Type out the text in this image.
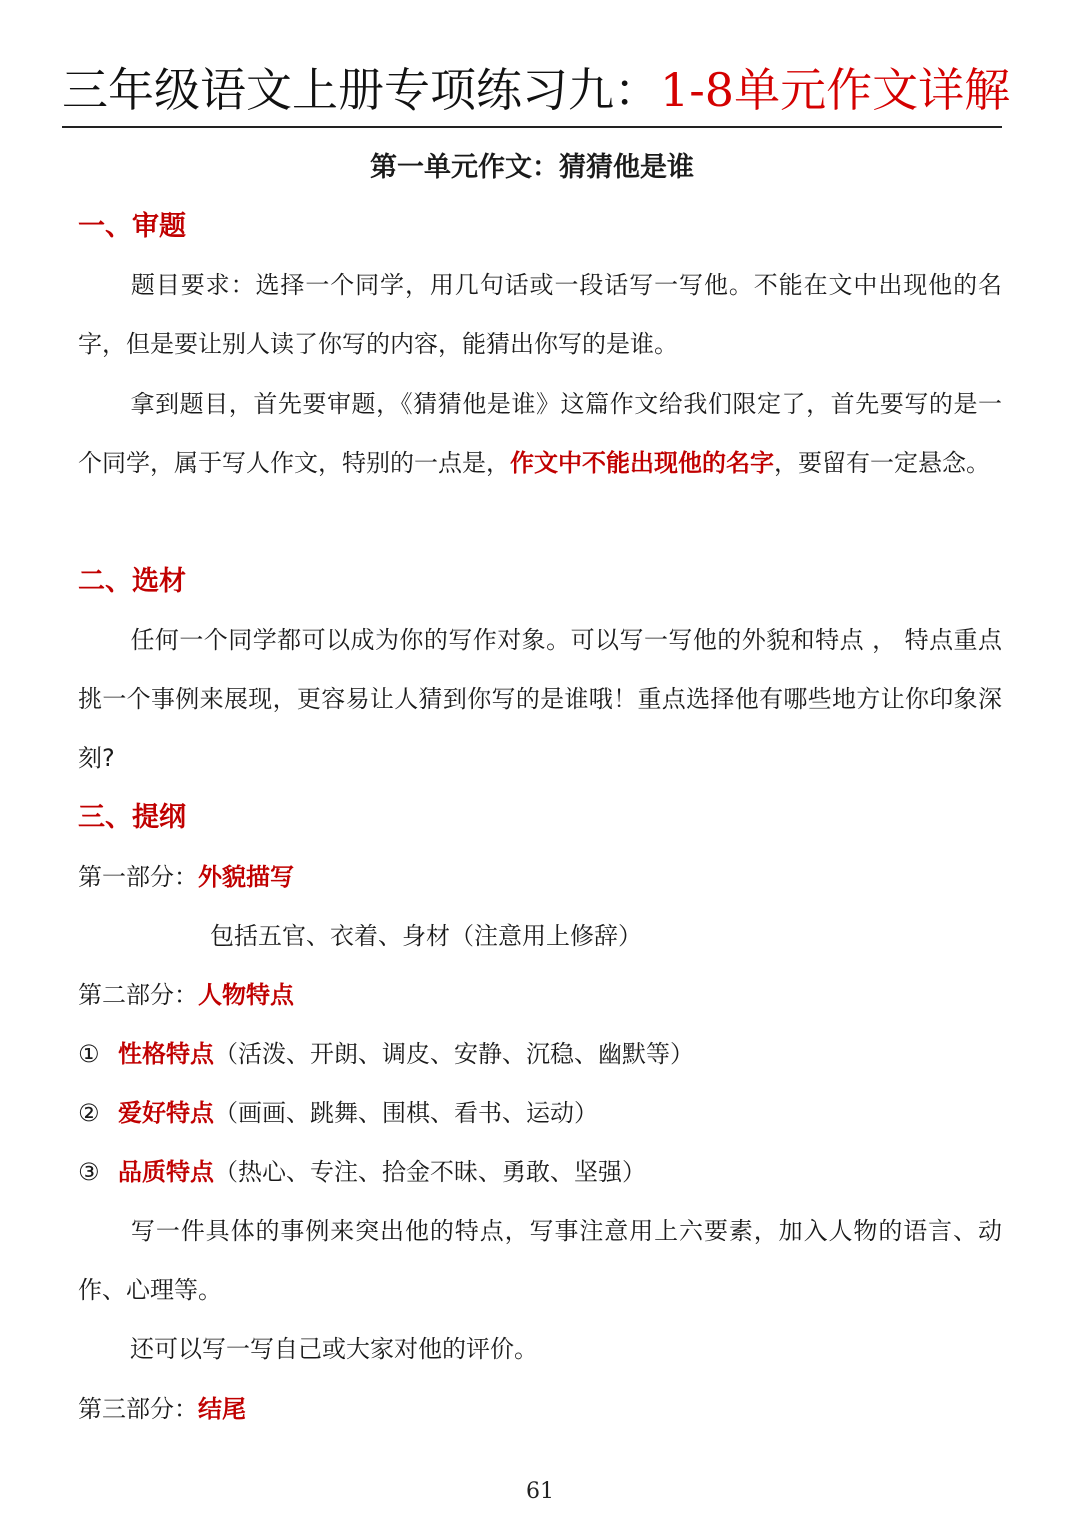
三年级语文上册专项练习九：1-8单元作文详解
第一单元作文：猜猜他是谁
一、审题
题目要求：选择一个同学，用几句话或一段话写一写他。不能在文中出现他的名字，但是要让别人读了你写的内容，能猜出你写的是谁。
拿到题目，首先要审题，《猜猜他是谁》这篇作文给我们限定了，首先要写的是一个同学，属于写人作文，特别的一点是，作文中不能出现他的名字，要留有一定悬念。
二、选材
任何一个同学都可以成为你的写作对象。可以写一写他的外貌和特点 ， 特点重点挑一个事例来展现，更容易让人猜到你写的是谁哦！重点选择他有哪些地方让你印象深刻?
三、提纲
第一部分：外貌描写
包括五官、衣着、身材（注意用上修辞）
第二部分：人物特点
① 性格特点（活泼、开朗、调皮、安静、沉稳、幽默等）
② 爱好特点（画画、跳舞、围棋、看书、运动）
③ 品质特点（热心、专注、拾金不昧、勇敢、坚强）
写一件具体的事例来突出他的特点，写事注意用上六要素，加入人物的语言、动作、心理等。
还可以写一写自己或大家对他的评价。
第三部分：结尾
61
